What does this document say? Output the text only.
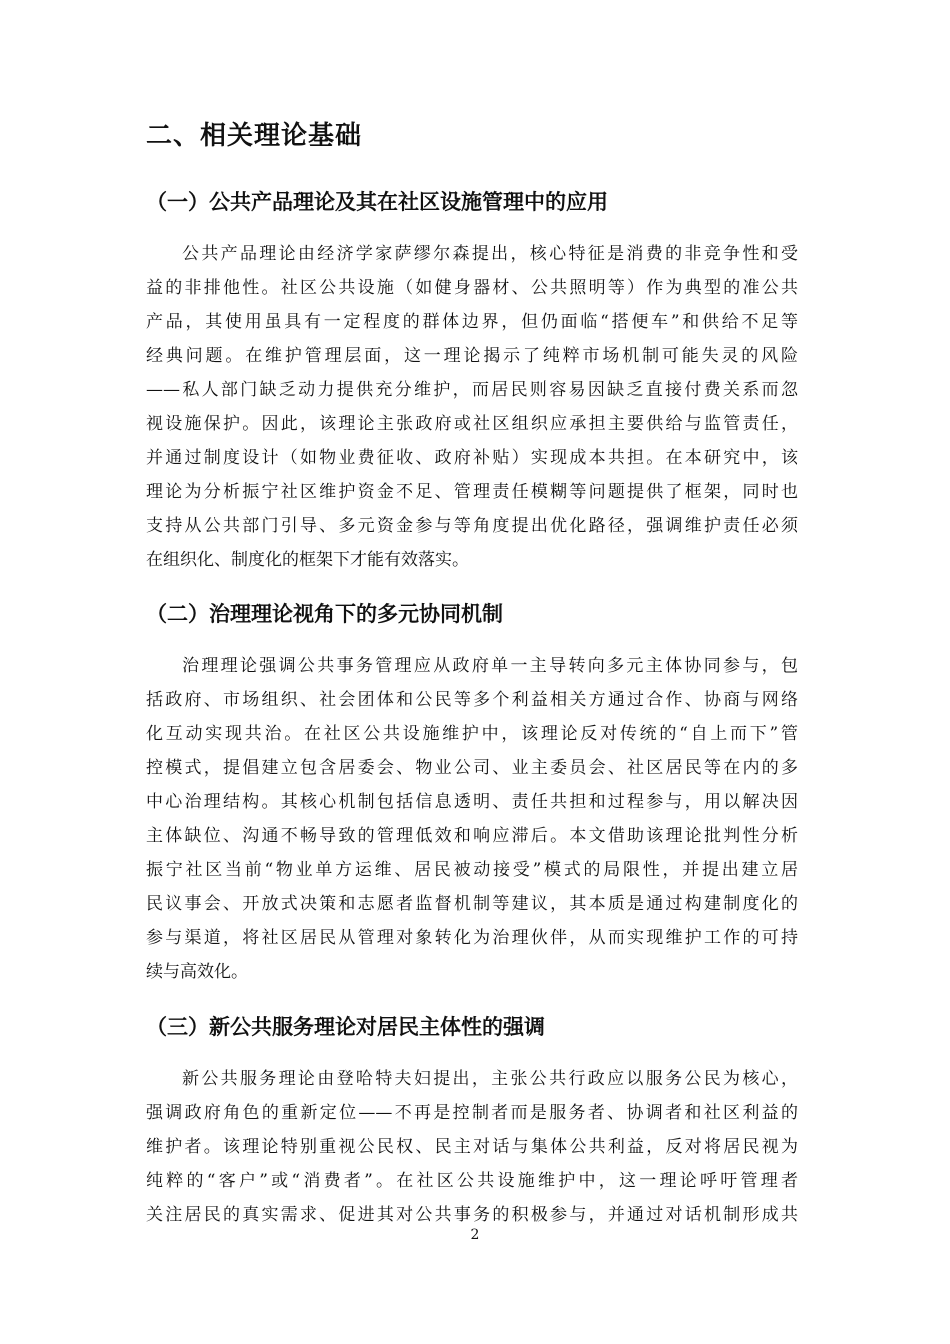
二、相关理论基础
（一）公共产品理论及其在社区设施管理中的应用
公共产品理论由经济学家萨缪尔森提出，核心特征是消费的非竞争性和受
益的非排他性。社区公共设施（如健身器材、公共照明等）作为典型的准公共
产品，其使用虽具有一定程度的群体边界，但仍面临“搭便车”和供给不足等
经典问题。在维护管理层面，这一理论揭示了纯粹市场机制可能失灵的风险
——私人部门缺乏动力提供充分维护，而居民则容易因缺乏直接付费关系而忽
视设施保护。因此，该理论主张政府或社区组织应承担主要供给与监管责任，
并通过制度设计（如物业费征收、政府补贴）实现成本共担。在本研究中，该
理论为分析振宁社区维护资金不足、管理责任模糊等问题提供了框架，同时也
支持从公共部门引导、多元资金参与等角度提出优化路径，强调维护责任必须
在组织化、制度化的框架下才能有效落实。
（二）治理理论视角下的多元协同机制
治理理论强调公共事务管理应从政府单一主导转向多元主体协同参与，包
括政府、市场组织、社会团体和公民等多个利益相关方通过合作、协商与网络
化互动实现共治。在社区公共设施维护中，该理论反对传统的“自上而下”管
控模式，提倡建立包含居委会、物业公司、业主委员会、社区居民等在内的多
中心治理结构。其核心机制包括信息透明、责任共担和过程参与，用以解决因
主体缺位、沟通不畅导致的管理低效和响应滞后。本文借助该理论批判性分析
振宁社区当前“物业单方运维、居民被动接受”模式的局限性，并提出建立居
民议事会、开放式决策和志愿者监督机制等建议，其本质是通过构建制度化的
参与渠道，将社区居民从管理对象转化为治理伙伴，从而实现维护工作的可持
续与高效化。
（三）新公共服务理论对居民主体性的强调
新公共服务理论由登哈特夫妇提出，主张公共行政应以服务公民为核心，
强调政府角色的重新定位——不再是控制者而是服务者、协调者和社区利益的
维护者。该理论特别重视公民权、民主对话与集体公共利益，反对将居民视为
纯粹的“客户”或“消费者”。在社区公共设施维护中，这一理论呼吁管理者
关注居民的真实需求、促进其对公共事务的积极参与，并通过对话机制形成共
2
